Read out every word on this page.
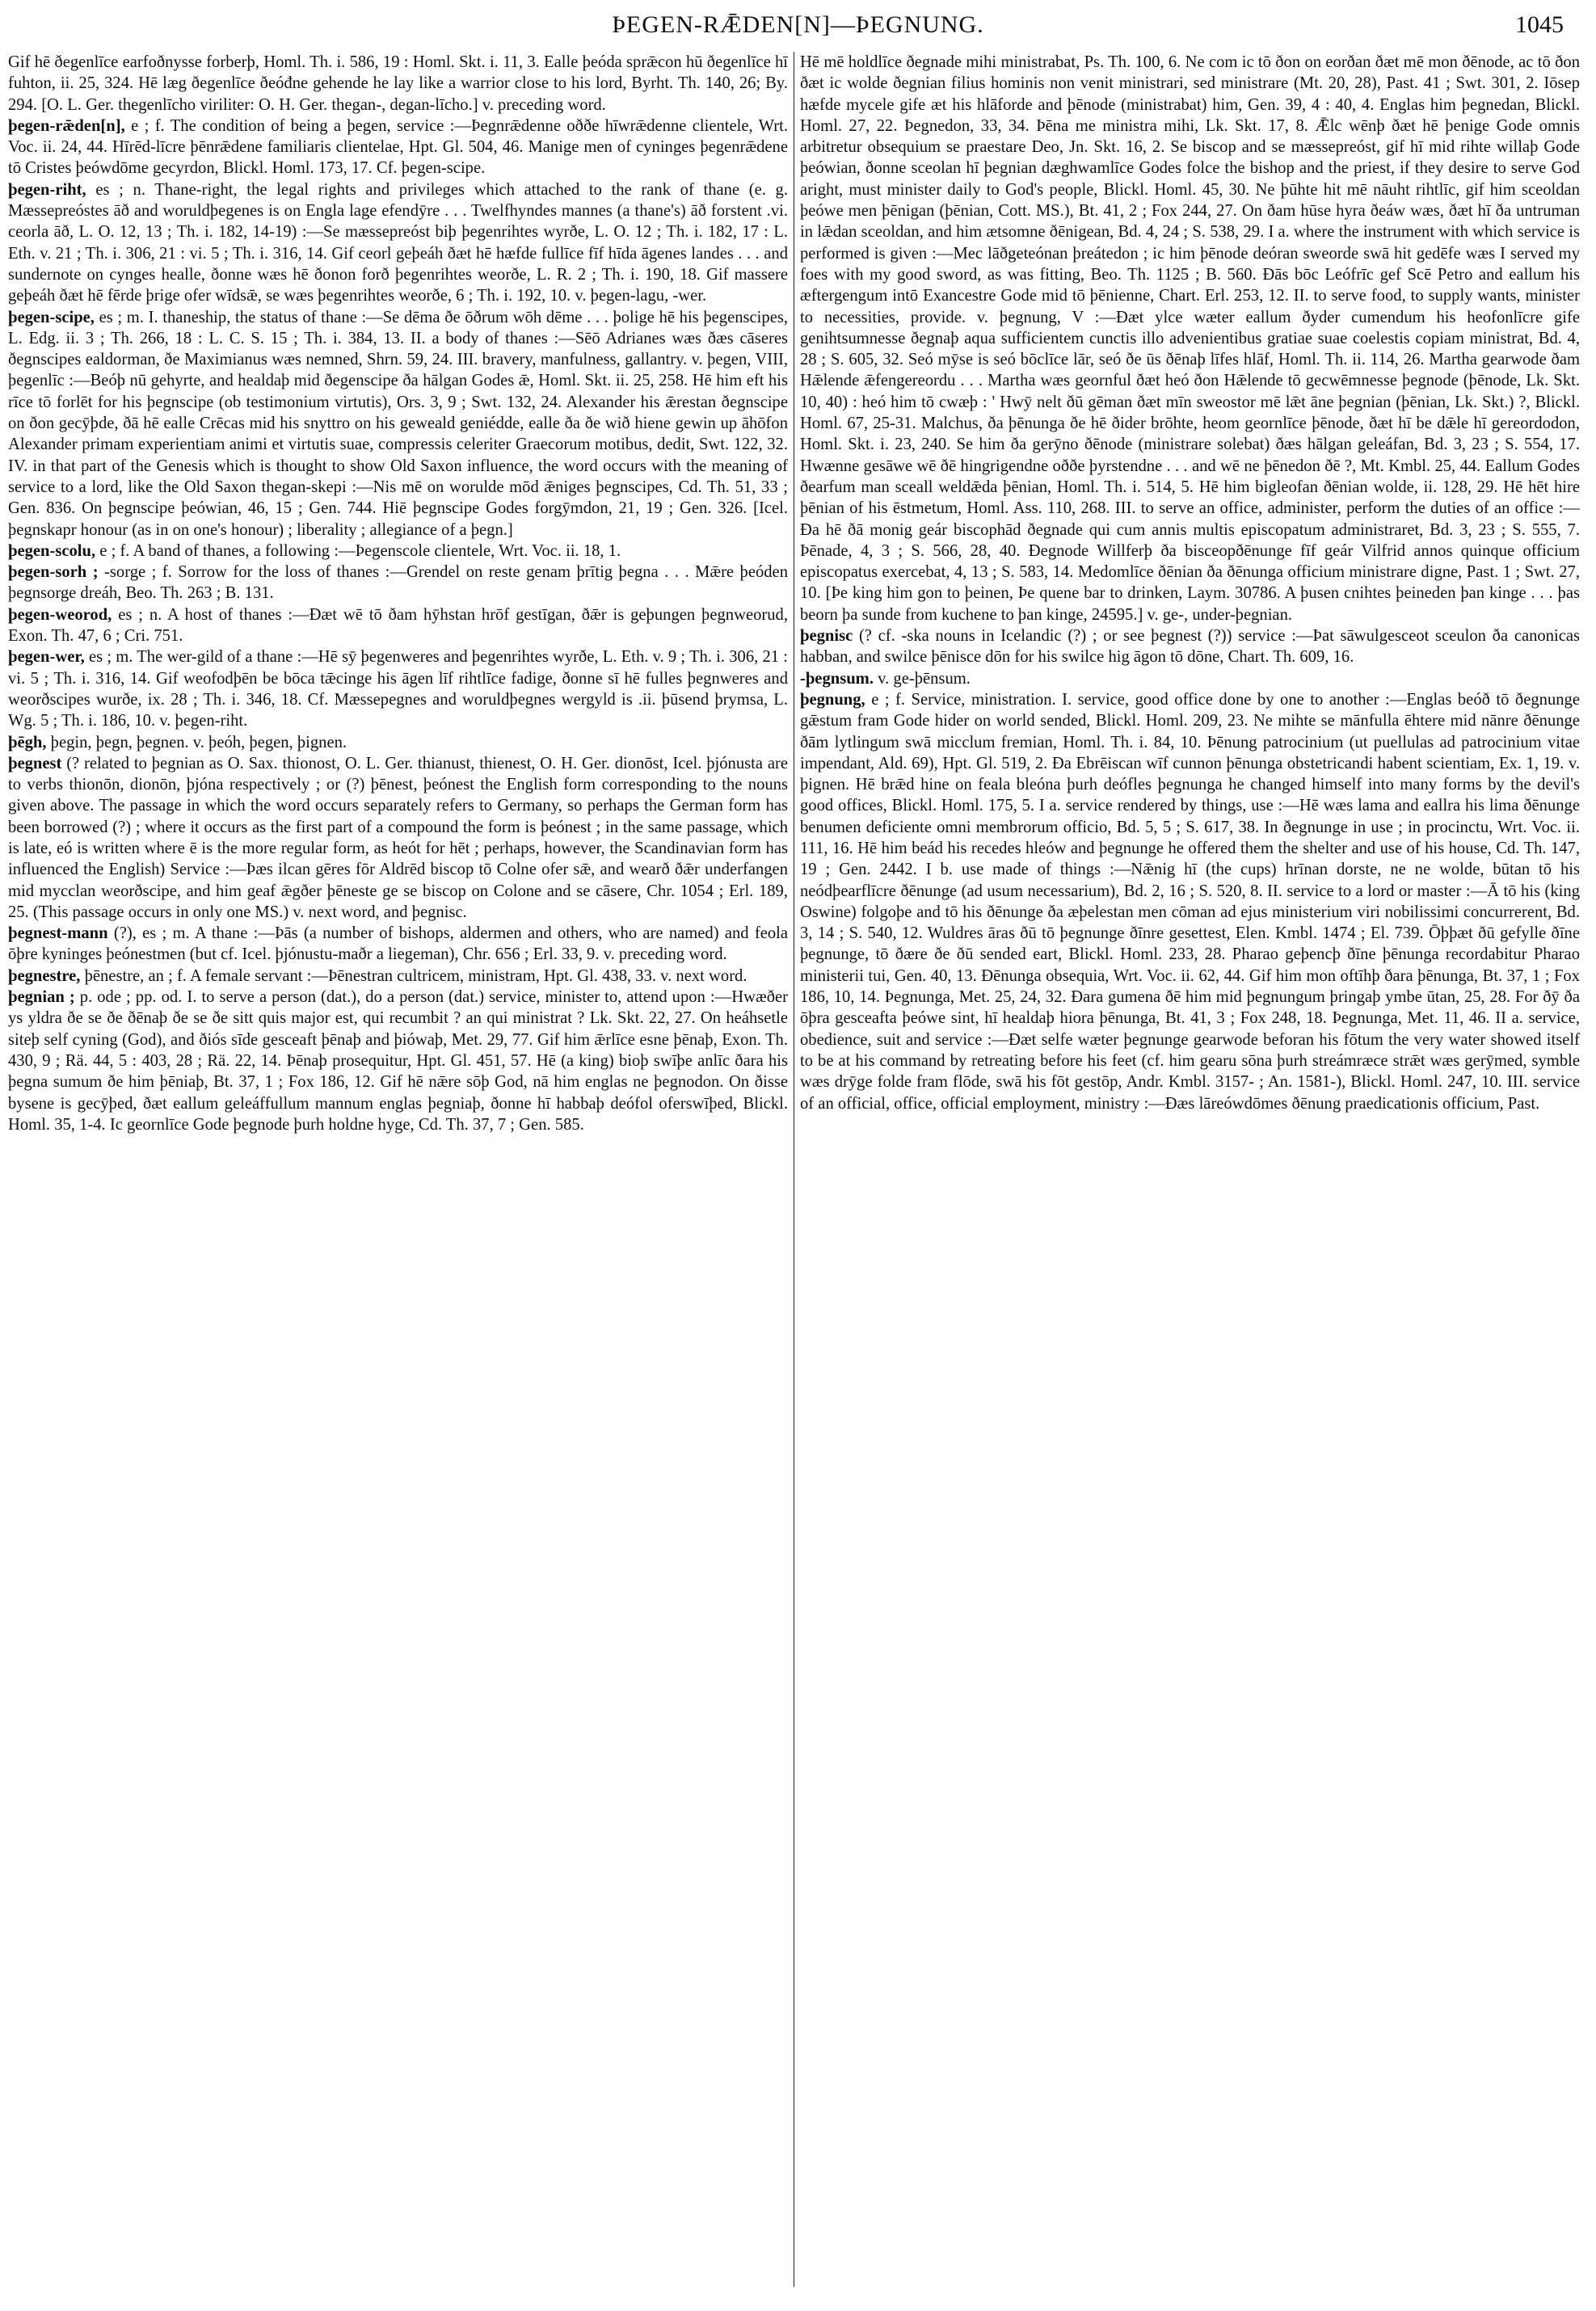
ÞEGEN-RǢDEN[N]—ÞEGNUNG.	1045

Gif hē ðegenlīce earfoðnysse forberþ, Homl. Th. i. 586, 19 : Homl. Skt. i. 11, 3. Ealle þeóda sprǣcon hū ðegenlīce hī fuhton, ii. 25, 324. Hē læg ðegenlīce ðeóđne gehende he lay like a warrior close to his lord, Byrht. Th. 140, 26; By. 294. [O. L. Ger. thegenlīcho viriliter: O. H. Ger. thegan-, degan-līcho.] v. preceding word.

þegen-rǣden[n], e ; f. The condition of being a þegen, service :—Þegnrǣdenne oððe hīwrǣdenne clientele, Wrt. Voc. ii. 24, 44. Hīrēd-līcre þēnrǣdene familiaris clientelae, Hpt. Gl. 504, 46. Manige men of cyninges þegenrǣdene tō Cristes þeówdōme gecyrdon, Blickl. Homl. 173, 17. Cf. þegen-scipe.

þegen-riht, es ; n. Thane-right, the legal rights and privileges which attached to the rank of thane (e. g. Mæssepreóstes āð and woruldþegenes is on Engla lage efendȳre . . . Twelfhyndes mannes (a thane's) āð forstent .vi. ceorla āð, L. O. 12, 13 ; Th. i. 182, 14-19) :—Se mæssepreóst biþ þegenrihtes wyrðe, L. O. 12 ; Th. i. 182, 17 : L. Eth. v. 21 ; Th. i. 306, 21 : vi. 5 ; Th. i. 316, 14. Gif ceorl geþeáh ðæt hē hæfde fullīce fīf hīda āgenes landes . . . and sundernote on cynges healle, ðonne wæs hē ðonon forð þegenrihtes weorðe, L. R. 2 ; Th. i. 190, 18. Gif massere geþeáh ðæt hē fērde þrige ofer wīdsǣ, se wæs þegenrihtes weorðe, 6 ; Th. i. 192, 10. v. þegen-lagu, -wer.

þegen-scipe, es ; m. I. thaneship, the status of thane :—Se dēma ðe ōðrum wōh dēme . . . þolige hē his þegenscipes, L. Edg. ii. 3 ; Th. 266, 18 : L. C. S. 15 ; Th. i. 384, 13. II. a body of thanes :—Sēō Adrianes wæs ðæs cāseres ðegnscipes ealdorman, ðe Maximianus wæs nemned, Shrn. 59, 24. III. bravery, manfulness, gallantry. v. þegen, VIII, þegenlīc :—Beóþ nū gehyrte, and healdaþ mid ðegenscipe ða hālgan Godes ǣ, Homl. Skt. ii. 25, 258. Hē him eft his rīce tō forlēt for his þegnscipe (ob testimonium virtutis), Ors. 3, 9 ; Swt. 132, 24. Alexander his ǣrestan ðegnscipe on ðon gecȳþde, ðā hē ealle Crēcas mid his snyttro on his geweald geniédde, ealle ða ðe wið hiene gewin up āhōfon Alexander primam experientiam animi et virtutis suae, compressis celeriter Graecorum motibus, dedit, Swt. 122, 32. IV. in that part of the Genesis which is thought to show Old Saxon influence, the word occurs with the meaning of service to a lord, like the Old Saxon thegan-skepi :—Nis mē on worulde mōd ǣniges þegnscipes, Cd. Th. 51, 33 ; Gen. 836. On þegnscipe þeówian, 46, 15 ; Gen. 744. Hiē þegnscipe Godes forgȳmdon, 21, 19 ; Gen. 326. [Icel. þegnskapr honour (as in on one's honour) ; liberality ; allegiance of a þegn.]

þegen-scolu, e ; f. A band of thanes, a following :—Þegenscole clientele, Wrt. Voc. ii. 18, 1.

þegen-sorh ; -sorge ; f. Sorrow for the loss of thanes :—Grendel on reste genam þrītig þegna . . . Mǣre þeóden þegnsorge dreáh, Beo. Th. 263 ; B. 131.

þegen-weorod, es ; n. A host of thanes :—Ðæt wē tō ðam hȳhstan hrōf gestīgan, ðǣr is geþungen þegnweorud, Exon. Th. 47, 6 ; Cri. 751.

þegen-wer, es ; m. The wer-gild of a thane :—Hē sȳ þegenweres and þegenrihtes wyrðe, L. Eth. v. 9 ; Th. i. 306, 21 : vi. 5 ; Th. i. 316, 14. Gif weofodþēn be bōca tǣcinge his āgen līf rihtlīce fadige, ðonne sī hē fulles þegnweres and weorðscipes wurðe, ix. 28 ; Th. i. 346, 18. Cf. Mæssepegnes and woruldþegnes wergyld is .ii. þūsend þrymsa, L. Wg. 5 ; Th. i. 186, 10. v. þegen-riht.

þēgh, þegin, þegn, þegnen. v. þeóh, þegen, þignen.

þegnest (? related to þegnian as O. Sax. thionost, O. L. Ger. thianust, thienest, O. H. Ger. dionōst, Icel. þjónusta are to verbs thionōn, dionōn, þjóna respectively ; or (?) þēnest, þeónest the English form corresponding to the nouns given above. The passage in which the word occurs separately refers to Germany, so perhaps the German form has been borrowed (?) ; where it occurs as the first part of a compound the form is þeónest ; in the same passage, which is late, eó is written where ē is the more regular form, as heót for hēt ; perhaps, however, the Scandinavian form has influenced the English) Service :—Þæs ilcan gēres fōr Aldrēd biscop tō Colne ofer sǣ, and wearð ðǣr underfangen mid mycclan weorðscipe, and him geaf ǣgðer þēneste ge se biscop on Colone and se cāsere, Chr. 1054 ; Erl. 189, 25. (This passage occurs in only one MS.) v. next word, and þegnisc.

þegnest-mann (?), es ; m. A thane :—Þās (a number of bishops, aldermen and others, who are named) and feola ōþre kyninges þeónestmen (but cf. Icel. þjónustu-maðr a liegeman), Chr. 656 ; Erl. 33, 9. v. preceding word.

þegnestre, þēnestre, an ; f. A female servant :—Þēnestran cultricem, ministram, Hpt. Gl. 438, 33. v. next word.

þegnian ; p. ode ; pp. od. I. to serve a person (dat.), do a person (dat.) service, minister to, attend upon :—Hwæðer ys yldra ðe se ðe ðēnaþ ðe se ðe sitt quis major est, qui recumbit ? an qui ministrat ? Lk. Skt. 22, 27. On heáhsetle siteþ self cyning (God), and ðiós sīde gesceaft þēnaþ and þiówaþ, Met. 29, 77. Gif him ǣrlīce esne þēnaþ, Exon. Th. 430, 9 ; Rä. 44, 5 : 403, 28 ; Rä. 22, 14. Þēnaþ prosequitur, Hpt. Gl. 451, 57. Hē (a king) bioþ swīþe anlīc ðara his þegna sumum ðe him þēniaþ, Bt. 37, 1 ; Fox 186, 12. Gif hē nǣre sōþ God, nā him englas ne þegnodon. On ðisse bysene is gecȳþed, ðæt eallum geleáffullum mannum englas þegniaþ, ðonne hī habbaþ deófol oferswīþed, Blickl. Homl. 35, 1-4. Ic geornlīce Gode þegnode þurh holdne hyge, Cd. Th. 37, 7 ; Gen. 585.

Hē mē holdlīce ðegnade mihi ministrabat, Ps. Th. 100, 6. Ne com ic tō ðon on eorðan ðæt mē mon ðēnode, ac tō ðon ðæt ic wolde ðegnian filius hominis non venit ministrari, sed ministrare (Mt. 20, 28), Past. 41 ; Swt. 301, 2. Iōsep hæfde mycele gife æt his hlāforde and þēnode (ministrabat) him, Gen. 39, 4 : 40, 4. Englas him þegnedan, Blickl. Homl. 27, 22. Þegnedon, 33, 34. Þēna me ministra mihi, Lk. Skt. 17, 8. Ǣlc wēnþ ðæt hē þenige Gode omnis arbitretur obsequium se praestare Deo, Jn. Skt. 16, 2. Se biscop and se mæssepreóst, gif hī mid rihte willaþ Gode þeówian, ðonne sceolan hī þegnian dæghwamlīce Godes folce the bishop and the priest, if they desire to serve God aright, must minister daily to God's people, Blickl. Homl. 45, 30. Ne þūhte hit mē nāuht rihtlīc, gif him sceoldan þeówe men þēnigan (þēnian, Cott. MS.), Bt. 41, 2 ; Fox 244, 27. On ðam hūse hyra ðeáw wæs, ðæt hī ða untruman in lǣdan sceoldan, and him ætsomne ðēnigean, Bd. 4, 24 ; S. 538, 29. I a. where the instrument with which service is performed is given :—Mec lāðgeteónan þreátedon ; ic him þēnode deóran sweorde swā hit gedēfe wæs I served my foes with my good sword, as was fitting, Beo. Th. 1125 ; B. 560. Ðās bōc Leófrīc gef Scē Petro and eallum his æftergengum intō Exancestre Gode mid tō þēnienne, Chart. Erl. 253, 12. II. to serve food, to supply wants, minister to necessities, provide. v. þegnung, V :—Ðæt ylce wæter eallum ðyder cumendum his heofonlīcre gife genihtsumnesse ðegnaþ aqua sufficientem cunctis illo advenientibus gratiae suae coelestis copiam ministrat, Bd. 4, 28 ; S. 605, 32. Seó mȳse is seó bōclīce lār, seó ðe ūs ðēnaþ līfes hlāf, Homl. Th. ii. 114, 26. Martha gearwode ðam Hǣlende ǣfengereordu . . . Martha wæs geornful ðæt heó ðon Hǣlende tō gecwēmnesse þegnode (þēnode, Lk. Skt. 10, 40) : heó him tō cwæþ : ' Hwȳ nelt ðū gēman ðæt mīn sweostor mē lǣt āne þegnian (þēnian, Lk. Skt.) ?, Blickl. Homl. 67, 25-31. Malchus, ða þēnunga ðe hē ðider brōhte, heom geornlīce þēnode, ðæt hī be dǣle hī gereordodon, Homl. Skt. i. 23, 240. Se him ða gerȳno ðēnode (ministrare solebat) ðæs hālgan geleáfan, Bd. 3, 23 ; S. 554, 17. Hwænne gesāwe wē ðē hingrigendne oððe þyrstendne . . . and wē ne þēnedon ðē ?, Mt. Kmbl. 25, 44. Eallum Godes ðearfum man sceall weldǣda þēnian, Homl. Th. i. 514, 5. Hē him bigleofan ðēnian wolde, ii. 128, 29. Hē hēt hire þēnian of his ēstmetum, Homl. Ass. 110, 268. III. to serve an office, administer, perform the duties of an office :—Ða hē ðā monig geár biscophād ðegnade qui cum annis multis episcopatum administraret, Bd. 3, 23 ; S. 555, 7. Þēnade, 4, 3 ; S. 566, 28, 40. Ðegnode Willferþ ða bisceopðēnunge fīf geár Vilfrid annos quinque officium episcopatus exercebat, 4, 13 ; S. 583, 14. Medomlīce ðēnian ða ðēnunga officium ministrare digne, Past. 1 ; Swt. 27, 10. [Þe king him gon to þeinen, Þe quene bar to drinken, Laym. 30786. A þusen cnihtes þeineden þan kinge . . . þas beorn þa sunde from kuchene to þan kinge, 24595.] v. ge-, under-þegnian.

þegnisc (? cf. -ska nouns in Icelandic (?) ; or see þegnest (?)) service :—Þat sāwulgesceot sceulon ða canonicas habban, and swilce þēnisce dōn for his swilce hig āgon tō dōne, Chart. Th. 609, 16.

-þegnsum. v. ge-þēnsum.

þegnung, e ; f. Service, ministration. I. service, good office done by one to another :—Englas beóð tō ðegnunge gǣstum fram Gode hider on world sended, Blickl. Homl. 209, 23. Ne mihte se mānfulla ēhtere mid nānre ðēnunge ðām lytlingum swā micclum fremian, Homl. Th. i. 84, 10. Þēnung patrocinium (ut puellulas ad patrocinium vitae impendant, Ald. 69), Hpt. Gl. 519, 2. Ða Ebrēiscan wīf cunnon þēnunga obstetricandi habent scientiam, Ex. 1, 19. v. þignen. Hē brǣd hine on feala bleóna þurh deófles þegnunga he changed himself into many forms by the devil's good offices, Blickl. Homl. 175, 5. I a. service rendered by things, use :—Hē wæs lama and eallra his lima ðēnunge benumen deficiente omni membrorum officio, Bd. 5, 5 ; S. 617, 38. In ðegnunge in use ; in procinctu, Wrt. Voc. ii. 111, 16. Hē him beád his recedes hleów and þegnunge he offered them the shelter and use of his house, Cd. Th. 147, 19 ; Gen. 2442. I b. use made of things :—Nǣnig hī (the cups) hrīnan dorste, ne ne wolde, būtan tō his neódþearflīcre ðēnunge (ad usum necessarium), Bd. 2, 16 ; S. 520, 8. II. service to a lord or master :—Ā tō his (king Oswine) folgoþe and tō his ðēnunge ða æþelestan men cōman ad ejus ministerium viri nobilissimi concurrerent, Bd. 3, 14 ; S. 540, 12. Wuldres āras ðū tō þegnunge ðīnre gesettest, Elen. Kmbl. 1474 ; El. 739. Ōþþæt ðū gefylle ðīne þegnunge, tō ðære ðe ðū sended eart, Blickl. Homl. 233, 28. Pharao geþencþ ðīne þēnunga recordabitur Pharao ministerii tui, Gen. 40, 13. Ðēnunga obsequia, Wrt. Voc. ii. 62, 44. Gif him mon oftīhþ ðara þēnunga, Bt. 37, 1 ; Fox 186, 10, 14. Þegnunga, Met. 25, 24, 32. Ðara gumena ðē him mid þegnungum þringaþ ymbe ūtan, 25, 28. For ðȳ ða ōþra gesceafta þeówe sint, hī healdaþ hiora þēnunga, Bt. 41, 3 ; Fox 248, 18. Þegnunga, Met. 11, 46. II a. service, obedience, suit and service :—Ðæt selfe wæter þegnunge gearwode beforan his fōtum the very water showed itself to be at his command by retreating before his feet (cf. him gearu sōna þurh streámræce strǣt wæs gerȳmed, symble wæs drȳge folde fram flōde, swā his fōt gestōp, Andr. Kmbl. 3157- ; An. 1581-), Blickl. Homl. 247, 10. III. service of an official, office, official employment, ministry :—Ðæs lāreówdōmes ðēnung praedicationis officium, Past.
